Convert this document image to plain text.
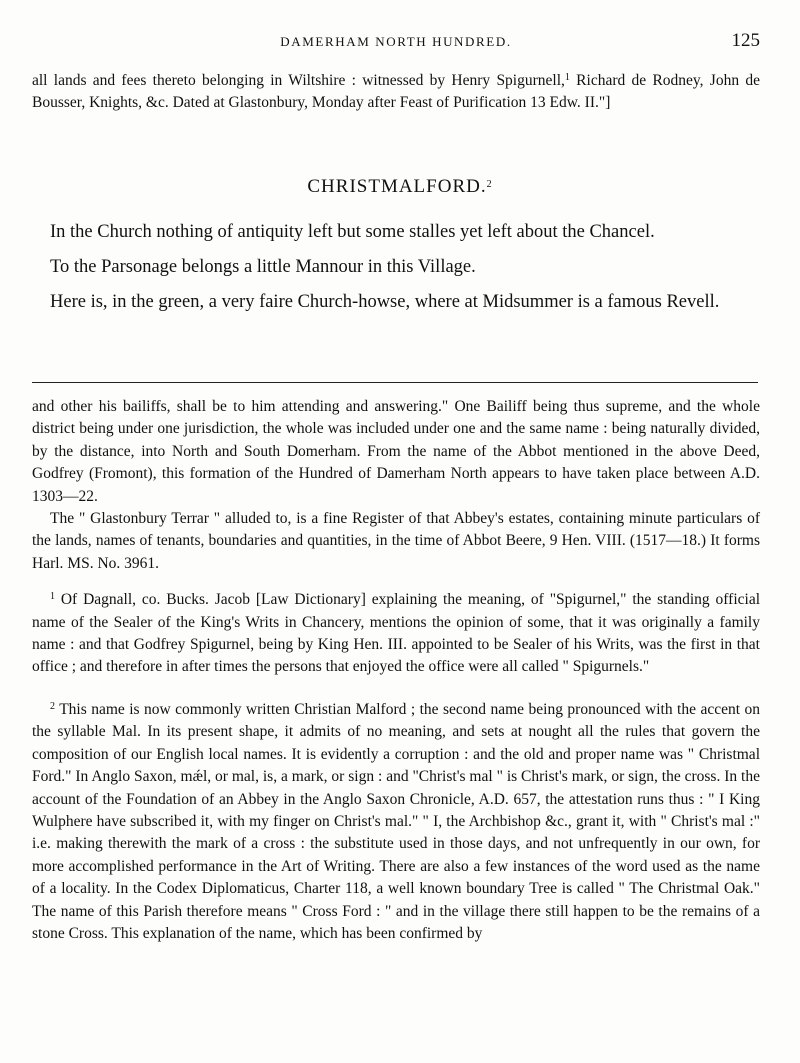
DAMERHAM NORTH HUNDRED.	125

all lands and fees thereto belonging in Wiltshire : witnessed by Henry Spigurnell,$^1$ Richard de Rodney, John de Bousser, Knights, &c. Dated at Glastonbury, Monday after Feast of Purification 13 Edw. II."]

CHRISTMALFORD.$^2$

In the Church nothing of antiquity left but some stalles yet left about the Chancel.

To the Parsonage belongs a little Mannour in this Village.

Here is, in the green, a very faire Church-howse, where at Midsummer is a famous Revell.

and other his bailiffs, shall be to him attending and answering." One Bailiff being thus supreme, and the whole district being under one jurisdiction, the whole was included under one and the same name : being naturally divided, by the distance, into North and South Domerham. From the name of the Abbot mentioned in the above Deed, Godfrey (Fromont), this formation of the Hundred of Damerham North appears to have taken place between A.D. 1303—22.

The " Glastonbury Terrar " alluded to, is a fine Register of that Abbey's estates, containing minute particulars of the lands, names of tenants, boundaries and quantities, in the time of Abbot Beere, 9 Hen. VIII. (1517—18.) It forms Harl. MS. No. 3961.

$^1$ Of Dagnall, co. Bucks. Jacob [Law Dictionary] explaining the meaning, of "Spigurnel," the standing official name of the Sealer of the King's Writs in Chancery, mentions the opinion of some, that it was originally a family name : and that Godfrey Spigurnel, being by King Hen. III. appointed to be Sealer of his Writs, was the first in that office ; and therefore in after times the persons that enjoyed the office were all called " Spigurnels."

$^2$ This name is now commonly written Christian Malford ; the second name being pronounced with the accent on the syllable Mal. In its present shape, it admits of no meaning, and sets at nought all the rules that govern the composition of our English local names. It is evidently a corruption : and the old and proper name was " Christmal Ford." In Anglo Saxon, mǽl, or mal, is, a mark, or sign : and "Christ's mal " is Christ's mark, or sign, the cross. In the account of the Foundation of an Abbey in the Anglo Saxon Chronicle, A.D. 657, the attestation runs thus : " I King Wulphere have subscribed it, with my finger on Christ's mal." " I, the Archbishop &c., grant it, with " Christ's mal :" i.e. making therewith the mark of a cross : the substitute used in those days, and not unfrequently in our own, for more accomplished performance in the Art of Writing. There are also a few instances of the word used as the name of a locality. In the Codex Diplomaticus, Charter 118, a well known boundary Tree is called " The Christmal Oak." The name of this Parish therefore means " Cross Ford : " and in the village there still happen to be the remains of a stone Cross. This explanation of the name, which has been confirmed by
